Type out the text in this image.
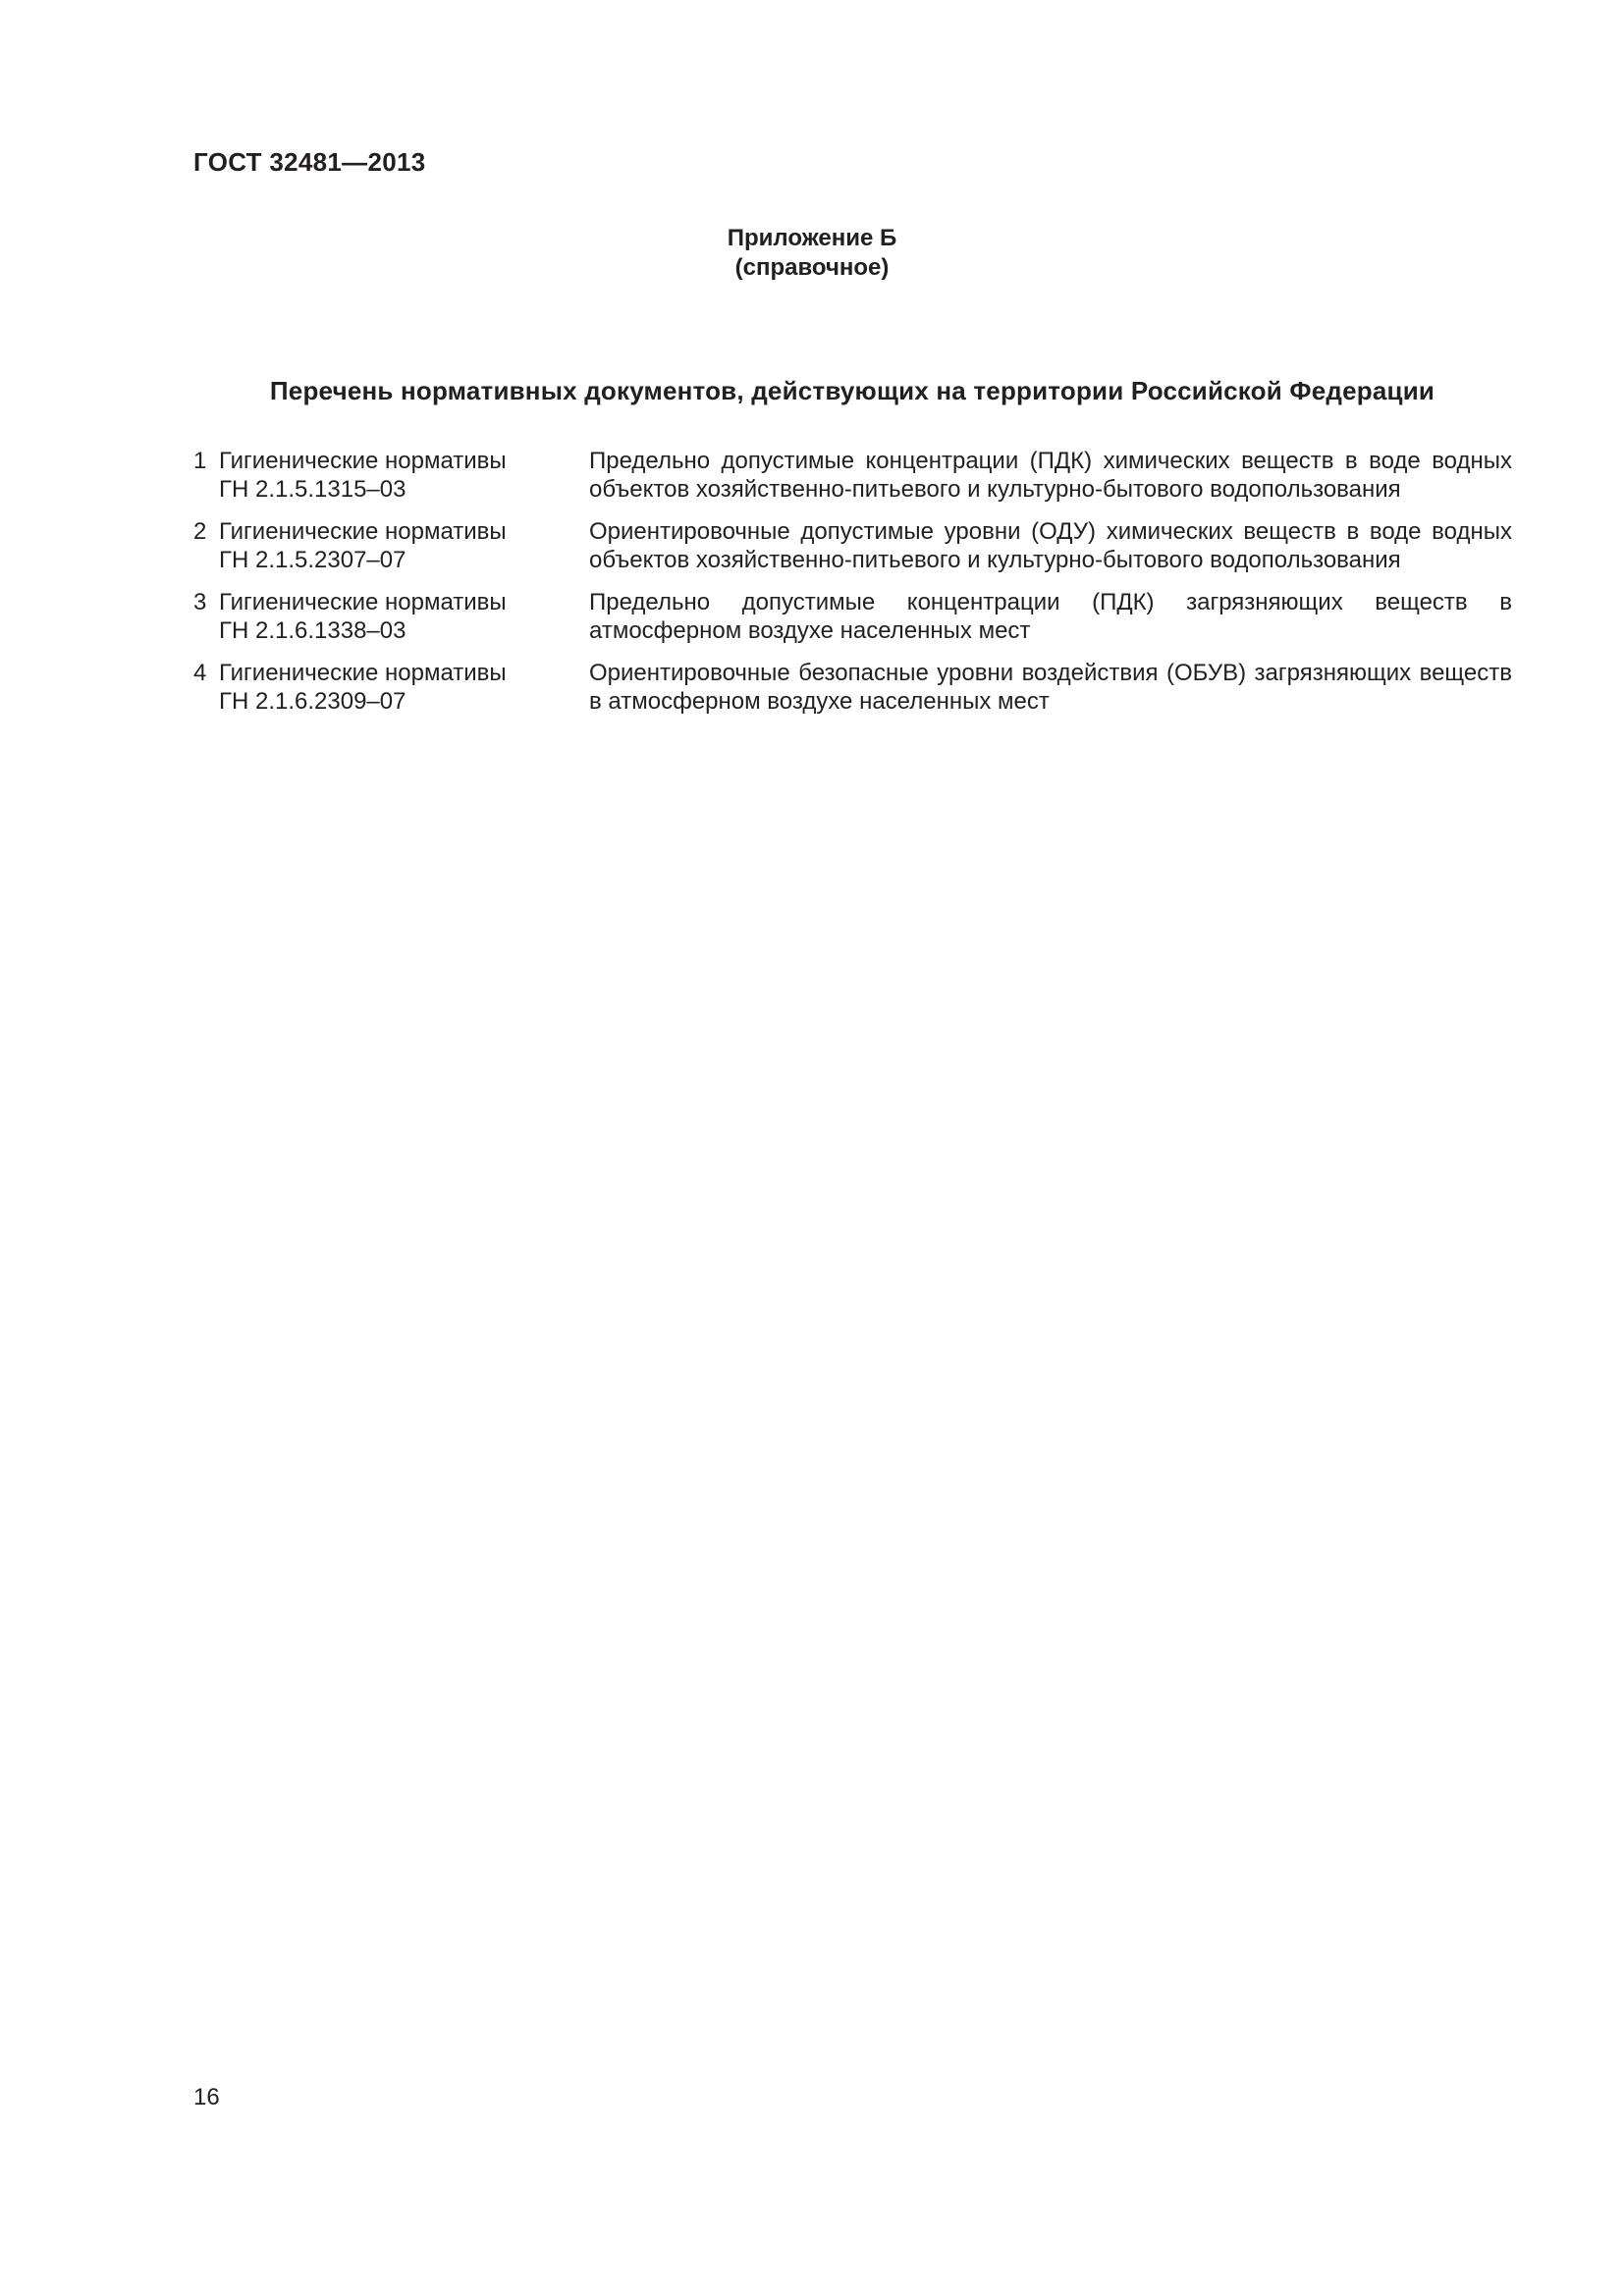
ГОСТ 32481—2013
Приложение Б
(справочное)
Перечень нормативных документов, действующих на территории Российской Федерации
1 Гигиенические нормативы
ГН 2.1.5.1315–03
Предельно допустимые концентрации (ПДК) химических веществ в воде водных объектов хозяйственно-питьевого и культурно-бытового водопользования
2 Гигиенические нормативы
ГН 2.1.5.2307–07
Ориентировочные допустимые уровни (ОДУ) химических веществ в воде водных объектов хозяйственно-питьевого и культурно-бытового водопользования
3 Гигиенические нормативы
ГН 2.1.6.1338–03
Предельно допустимые концентрации (ПДК) загрязняющих веществ в атмосферном воздухе населенных мест
4 Гигиенические нормативы
ГН 2.1.6.2309–07
Ориентировочные безопасные уровни воздействия (ОБУВ) загрязняющих веществ в атмосферном воздухе населенных мест
16
